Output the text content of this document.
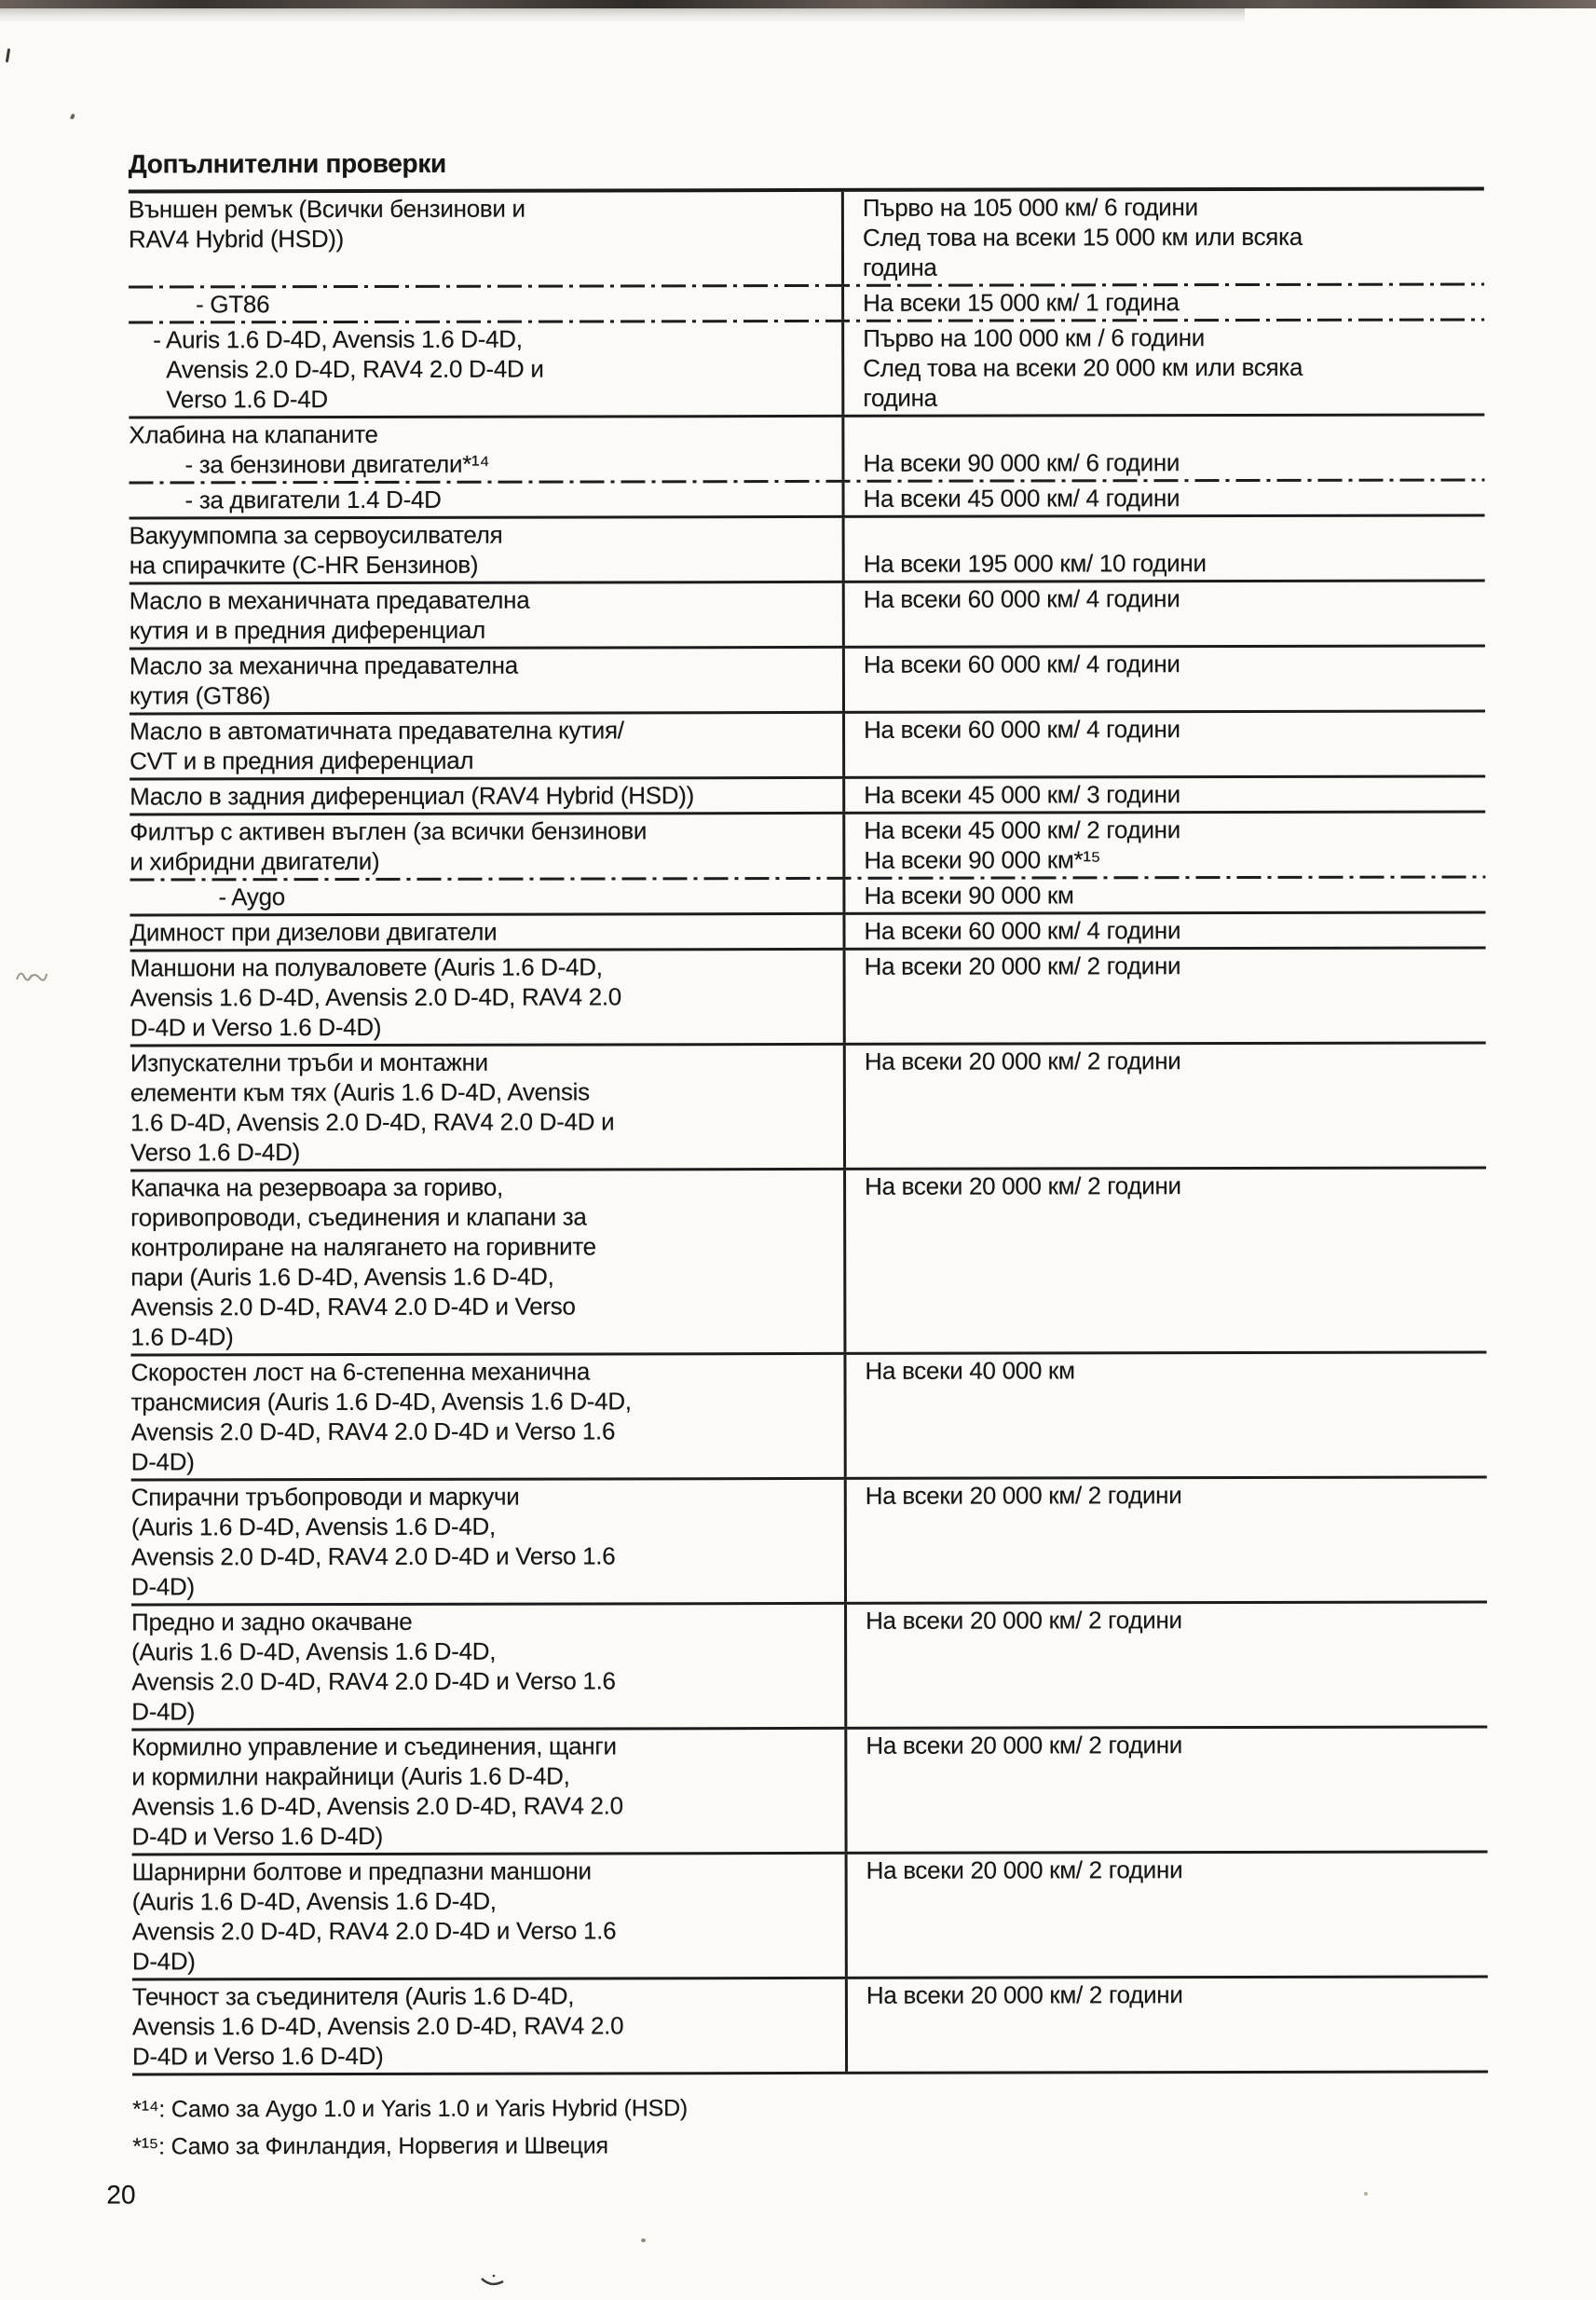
Допълнителни проверки
Външен ремък (Всички бензинови и
RAV4 Hybrid (HSD))
Първо на 105 000 км/ 6 години
След това на всеки 15 000 км или всяка
година
- GT86	На всеки 15 000 км/ 1 година
- Auris 1.6 D-4D, Avensis 1.6 D-4D,
Avensis 2.0 D-4D, RAV4 2.0 D-4D и
Verso 1.6 D-4D
Първо на 100 000 км / 6 години
След това на всеки 20 000 км или всяка
година
Хлабина на клапаните
- за бензинови двигатели*¹⁴
	На всеки 90 000 км/ 6 години
- за двигатели 1.4 D-4D	На всеки 45 000 км/ 4 години
Вакуумпомпа за сервоусилвателя
на спирачките (C-HR Бензинов)
	На всеки 195 000 км/ 10 години
Масло в механичната предавателна
кутия и в предния диференциал
На всеки 60 000 км/ 4 години
Масло за механична предавателна
кутия (GT86)
На всеки 60 000 км/ 4 години
Масло в автоматичната предавателна кутия/
CVT и в предния диференциал
На всеки 60 000 км/ 4 години
Масло в задния диференциал (RAV4 Hybrid (HSD))	На всеки 45 000 км/ 3 години
Филтър с активен въглен (за всички бензинови
и хибридни двигатели)
На всеки 45 000 км/ 2 години
На всеки 90 000 км*¹⁵
- Aygo	На всеки 90 000 км
Димност при дизелови двигатели	На всеки 60 000 км/ 4 години
Маншони на полуваловете (Auris 1.6 D-4D,
Avensis 1.6 D-4D, Avensis 2.0 D-4D, RAV4 2.0
D-4D и Verso 1.6 D-4D)
На всеки 20 000 км/ 2 години
Изпускателни тръби и монтажни
елементи към тях (Auris 1.6 D-4D, Avensis
1.6 D-4D, Avensis 2.0 D-4D, RAV4 2.0 D-4D и
Verso 1.6 D-4D)
На всеки 20 000 км/ 2 години
Капачка на резервоара за гориво,
горивопроводи, съединения и клапани за
контролиране на налягането на горивните
пари (Auris 1.6 D-4D, Avensis 1.6 D-4D,
Avensis 2.0 D-4D, RAV4 2.0 D-4D и Verso
1.6 D-4D)
На всеки 20 000 км/ 2 години
Скоростен лост на 6-степенна механична
трансмисия (Auris 1.6 D-4D, Avensis 1.6 D-4D,
Avensis 2.0 D-4D, RAV4 2.0 D-4D и Verso 1.6
D-4D)
На всеки 40 000 км
Спирачни тръбопроводи и маркучи
(Auris 1.6 D-4D, Avensis 1.6 D-4D,
Avensis 2.0 D-4D, RAV4 2.0 D-4D и Verso 1.6
D-4D)
На всеки 20 000 км/ 2 години
Предно и задно окачване
(Auris 1.6 D-4D, Avensis 1.6 D-4D,
Avensis 2.0 D-4D, RAV4 2.0 D-4D и Verso 1.6
D-4D)
На всеки 20 000 км/ 2 години
Кормилно управление и съединения, щанги
и кормилни накрайници (Auris 1.6 D-4D,
Avensis 1.6 D-4D, Avensis 2.0 D-4D, RAV4 2.0
D-4D и Verso 1.6 D-4D)
На всеки 20 000 км/ 2 години
Шарнирни болтове и предпазни маншони
(Auris 1.6 D-4D, Avensis 1.6 D-4D,
Avensis 2.0 D-4D, RAV4 2.0 D-4D и Verso 1.6
D-4D)
На всеки 20 000 км/ 2 години
Течност за съединителя (Auris 1.6 D-4D,
Avensis 1.6 D-4D, Avensis 2.0 D-4D, RAV4 2.0
D-4D и Verso 1.6 D-4D)
На всеки 20 000 км/ 2 години
*¹⁴: Само за Aygo 1.0 и Yaris 1.0 и Yaris Hybrid (HSD)
*¹⁵: Само за Финландия, Норвегия и Швеция
20
